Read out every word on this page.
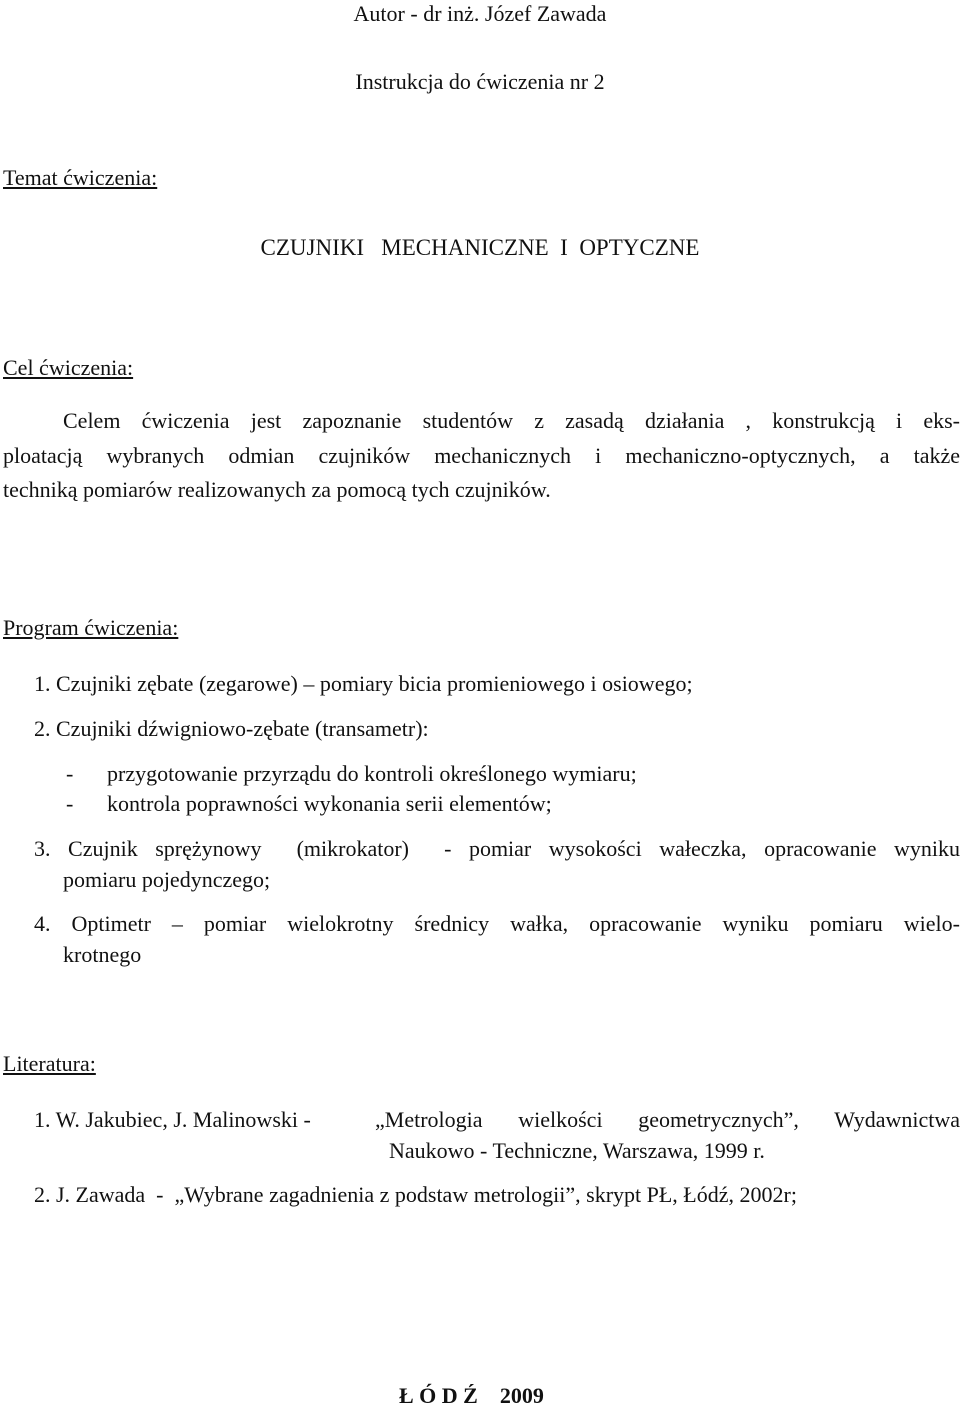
Autor - dr inż. Józef Zawada
Instrukcja do ćwiczenia nr 2
Temat ćwiczenia:
CZUJNIKI   MECHANICZNE  I  OPTYCZNE
Cel ćwiczenia:
Celem ćwiczenia jest zapoznanie studentów z zasadą działania , konstrukcją i eks-
ploatacją wybranych odmian czujników mechanicznych i mechaniczno-optycznych, a także
techniką pomiarów realizowanych za pomocą tych czujników.
Program ćwiczenia:
1. Czujniki zębate (zegarowe) – pomiary bicia promieniowego i osiowego;
2. Czujniki dźwigniowo-zębate (transametr):
- przygotowanie przyrządu do kontroli określonego wymiaru;
- kontrola poprawności wykonania serii elementów;
3. Czujnik sprężynowy  (mikrokator)  - pomiar wysokości wałeczka, opracowanie wyniku
pomiaru pojedynczego;
4. Optimetr – pomiar wielokrotny średnicy wałka, opracowanie wyniku pomiaru wielo-
krotnego
Literatura:
1. W. Jakubiec, J. Malinowski -	„Metrologia wielkości geometrycznych”, Wydawnictwa
Naukowo - Techniczne, Warszawa, 1999 r.
2. J. Zawada  -  „Wybrane zagadnienia z podstaw metrologii”, skrypt PŁ, Łódź, 2002r;
Ł Ó D Ź    2009
